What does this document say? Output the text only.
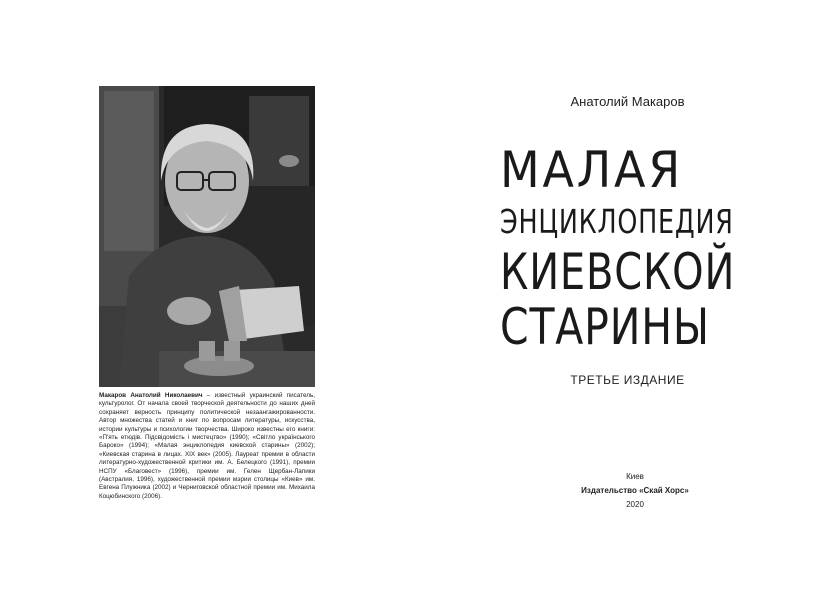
Макаров Анатолий Николаевич – известный украинский писатель, культуролог. От начала своей творческой деятельности до наших дней сохраняет верность принципу политической незаангажированности. Автор множества статей и книг по вопросам литературы, искусства, истории культуры и психологии творчества. Широко известны его книги: «П'ять етюдів. Підсвідомість і мистецтво» (1990); «Світло українського Бароко» (1994); «Малая энциклопедия киевской старины» (2002); «Киевская старина в лицах. XIX век» (2005). Лауреат премии в области литературно-художественной критики им. А. Белецкого (1991), премии НСПУ «Благовест» (1996), премии им. Гелен Щербан-Лапики (Австралия, 1996), художественной премии мэрии столицы «Киев» им. Евгена Плужника (2002) и Черниговской областной премии им. Михаила Коцюбинского (2006).

Анатолий Макаров
МАЛАЯ
ЭНЦИКЛОПЕДИЯ
КИЕВСКОЙ
СТАРИНЫ
ТРЕТЬЕ ИЗДАНИЕ
Киев
Издательство «Скай Хорс»
2020
